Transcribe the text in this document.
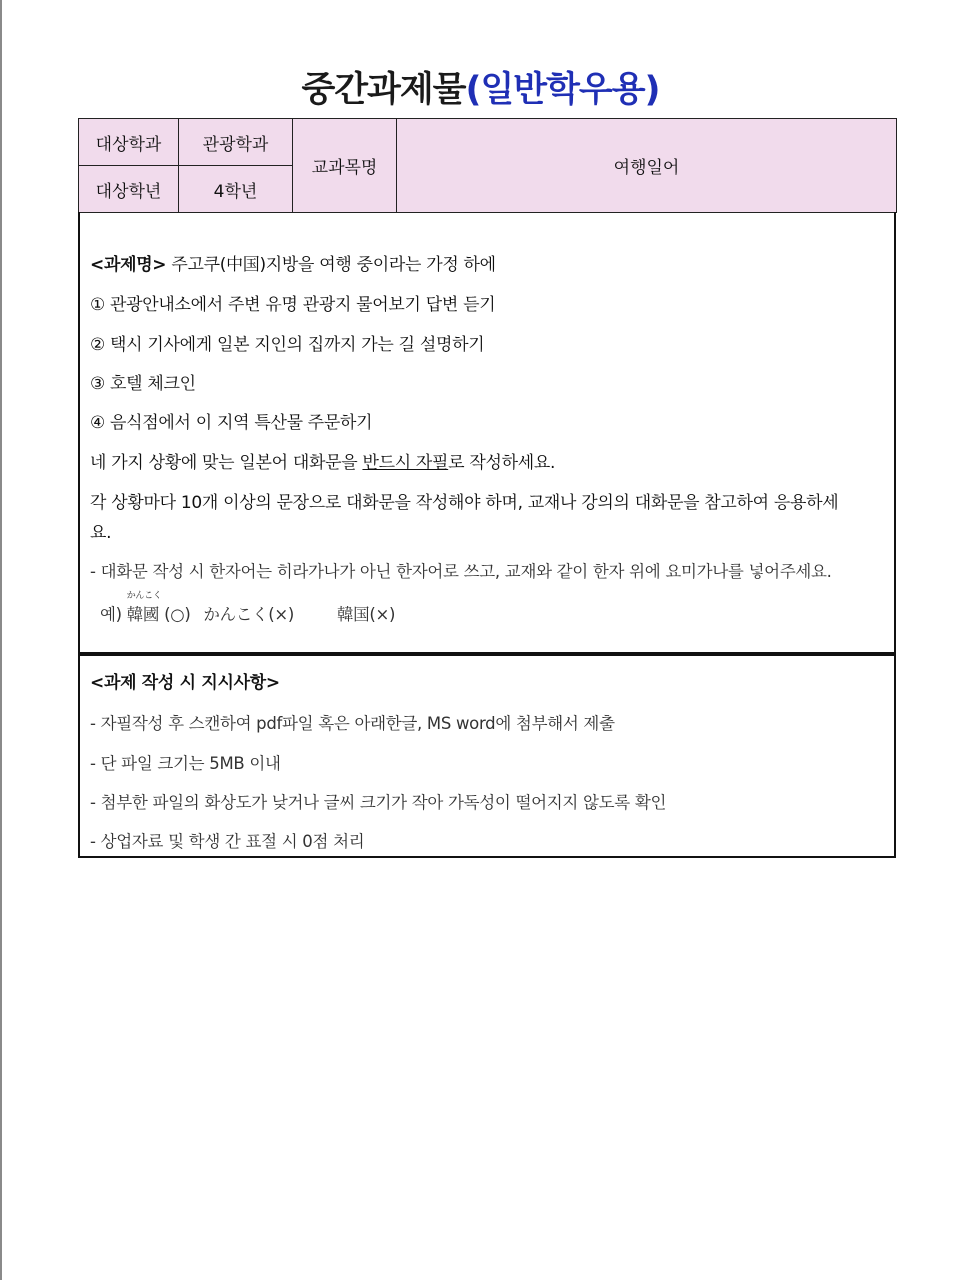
중간과제물(일반학우용)
대상학과	관광학과	교과목명	여행일어
대상학년	4학년		
<과제명> 주고쿠(中国)지방을 여행 중이라는 가정 하에
① 관광안내소에서 주변 유명 관광지 물어보기 답변 듣기
② 택시 기사에게 일본 지인의 집까지 가는 길 설명하기
③ 호텔 체크인
④ 음식점에서 이 지역 특산물 주문하기
네 가지 상황에 맞는 일본어 대화문을 반드시 자필로 작성하세요.
각 상황마다 10개 이상의 문장으로 대화문을 작성해야 하며, 교재나 강의의 대화문을 참고하여 응용하세
요.
- 대화문 작성 시 한자어는 히라가나가 아닌 한자어로 쓰고, 교재와 같이 한자 위에 요미가나를 넣어주세요.
예)
かんこく
韓國 (○) かんこく(×)	韓国(×)
<과제 작성 시 지시사항>
- 자필작성 후 스캔하여 pdf파일 혹은 아래한글, MS word에 첨부해서 제출
- 단 파일 크기는 5MB 이내
- 첨부한 파일의 화상도가 낮거나 글씨 크기가 작아 가독성이 떨어지지 않도록 확인
- 상업자료 및 학생 간 표절 시 0점 처리
